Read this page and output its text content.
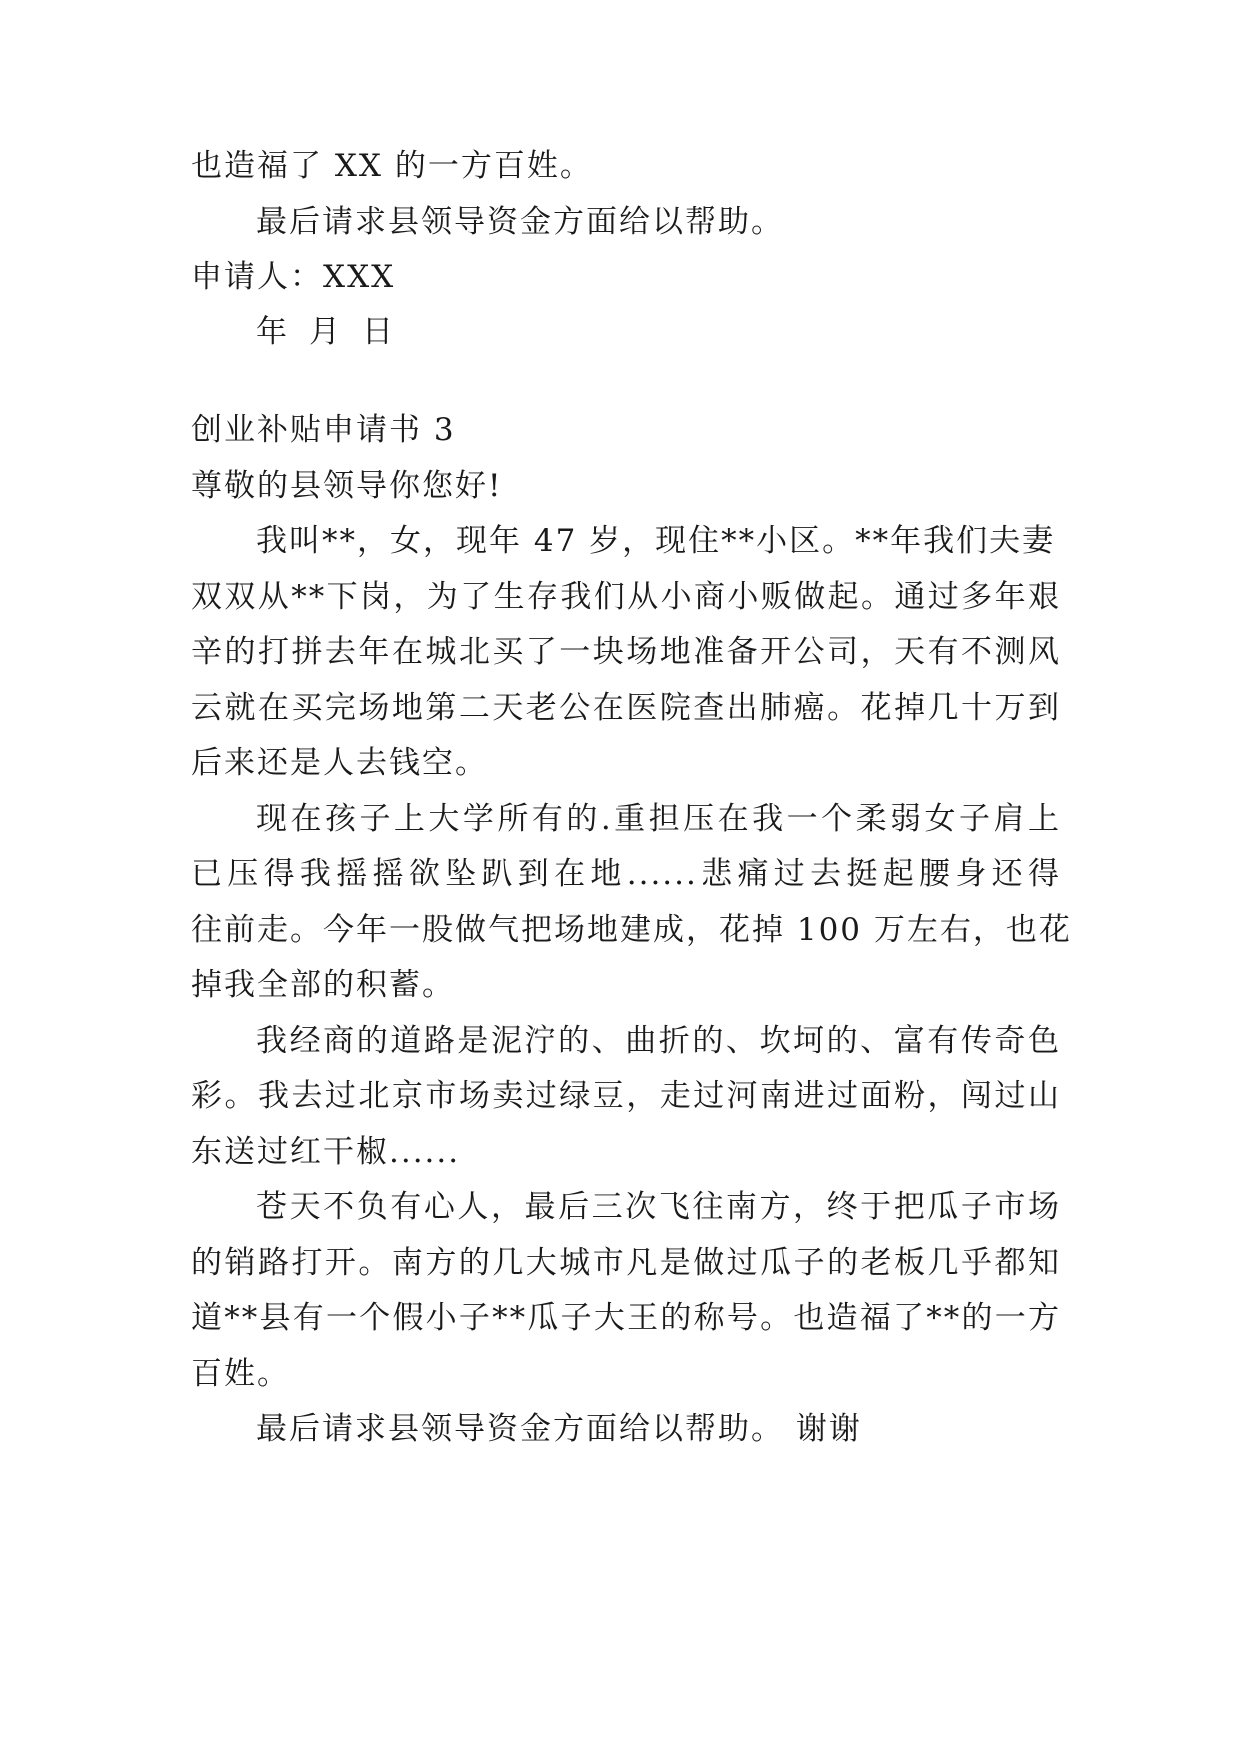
也造福了 XX 的一方百姓。
最后请求县领导资金方面给以帮助。
申请人：XXX
年 月 日
创业补贴申请书 3
尊敬的县领导你您好!
我叫**，女，现年 47 岁，现住**小区。**年我们夫妻
双双从**下岗，为了生存我们从小商小贩做起。通过多年艰
辛的打拼去年在城北买了一块场地准备开公司，天有不测风
云就在买完场地第二天老公在医院查出肺癌。花掉几十万到
后来还是人去钱空。
现在孩子上大学所有的.重担压在我一个柔弱女子肩上
已压得我摇摇欲坠趴到在地......悲痛过去挺起腰身还得
往前走。今年一股做气把场地建成，花掉 100 万左右，也花
掉我全部的积蓄。
我经商的道路是泥泞的、曲折的、坎坷的、富有传奇色
彩。我去过北京市场卖过绿豆，走过河南进过面粉，闯过山
东送过红干椒......
苍天不负有心人，最后三次飞往南方，终于把瓜子市场
的销路打开。南方的几大城市凡是做过瓜子的老板几乎都知
道**县有一个假小子**瓜子大王的称号。也造福了**的一方
百姓。
最后请求县领导资金方面给以帮助。 谢谢
